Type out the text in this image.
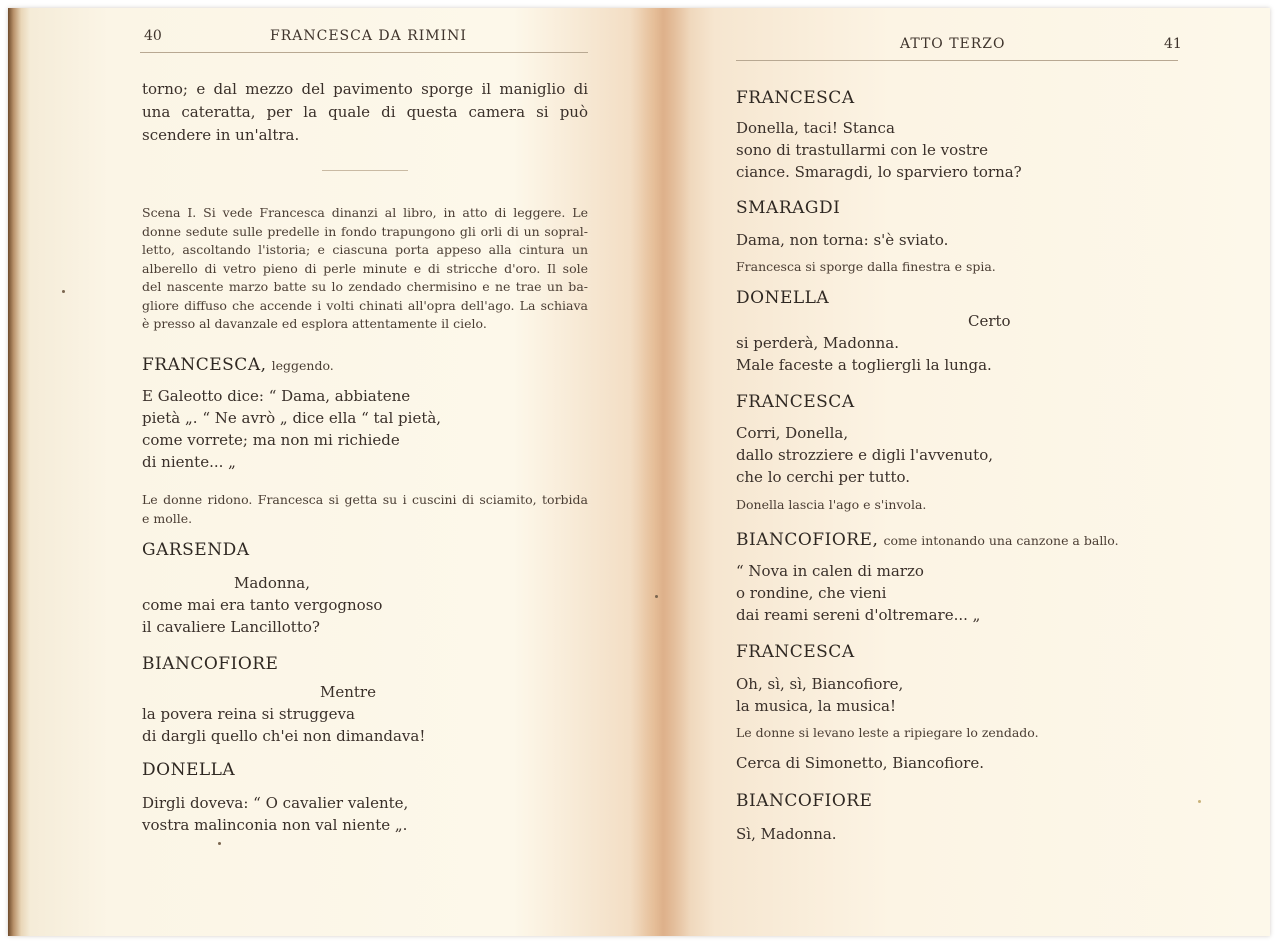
40	FRANCESCA DA RIMINI
torno; e dal mezzo del pavimento sporge il maniglio di
una cateratta, per la quale di questa camera si può
scendere in un'altra.
Scena I. Si vede Francesca dinanzi al libro, in atto di leggere. Le
donne sedute sulle predelle in fondo trapungono gli orli di un sopral-
letto, ascoltando l'istoria; e ciascuna porta appeso alla cintura un
alberello di vetro pieno di perle minute e di stricche d'oro. Il sole
del nascente marzo batte su lo zendado chermisino e ne trae un ba-
gliore diffuso che accende i volti chinati all'opra dell'ago. La schiava
è presso al davanzale ed esplora attentamente il cielo.
FRANCESCA, leggendo.
E Galeotto dice: “ Dama, abbiatene
pietà „. “ Ne avrò „ dice ella “ tal pietà,
come vorrete; ma non mi richiede
di niente... „
Le donne ridono. Francesca si getta su i cuscini di sciamito, torbida
e molle.
GARSENDA
Madonna,
come mai era tanto vergognoso
il cavaliere Lancillotto?
BIANCOFIORE
Mentre
la povera reina si struggeva
di dargli quello ch'ei non dimandava!
DONELLA
Dirgli doveva: “ O cavalier valente,
vostra malinconia non val niente „.
ATTO TERZO	41
FRANCESCA
Donella, taci! Stanca
sono di trastullarmi con le vostre
ciance. Smaragdi, lo sparviero torna?
SMARAGDI
Dama, non torna: s'è sviato.
Francesca si sporge dalla finestra e spia.
DONELLA
Certo
si perderà, Madonna.
Male faceste a togliergli la lunga.
FRANCESCA
Corri, Donella,
dallo strozziere e digli l'avvenuto,
che lo cerchi per tutto.
Donella lascia l'ago e s'invola.
BIANCOFIORE, come intonando una canzone a ballo.
“ Nova in calen di marzo
o rondine, che vieni
dai reami sereni d'oltremare... „
FRANCESCA
Oh, sì, sì, Biancofiore,
la musica, la musica!
Le donne si levano leste a ripiegare lo zendado.
Cerca di Simonetto, Biancofiore.
BIANCOFIORE
Sì, Madonna.
